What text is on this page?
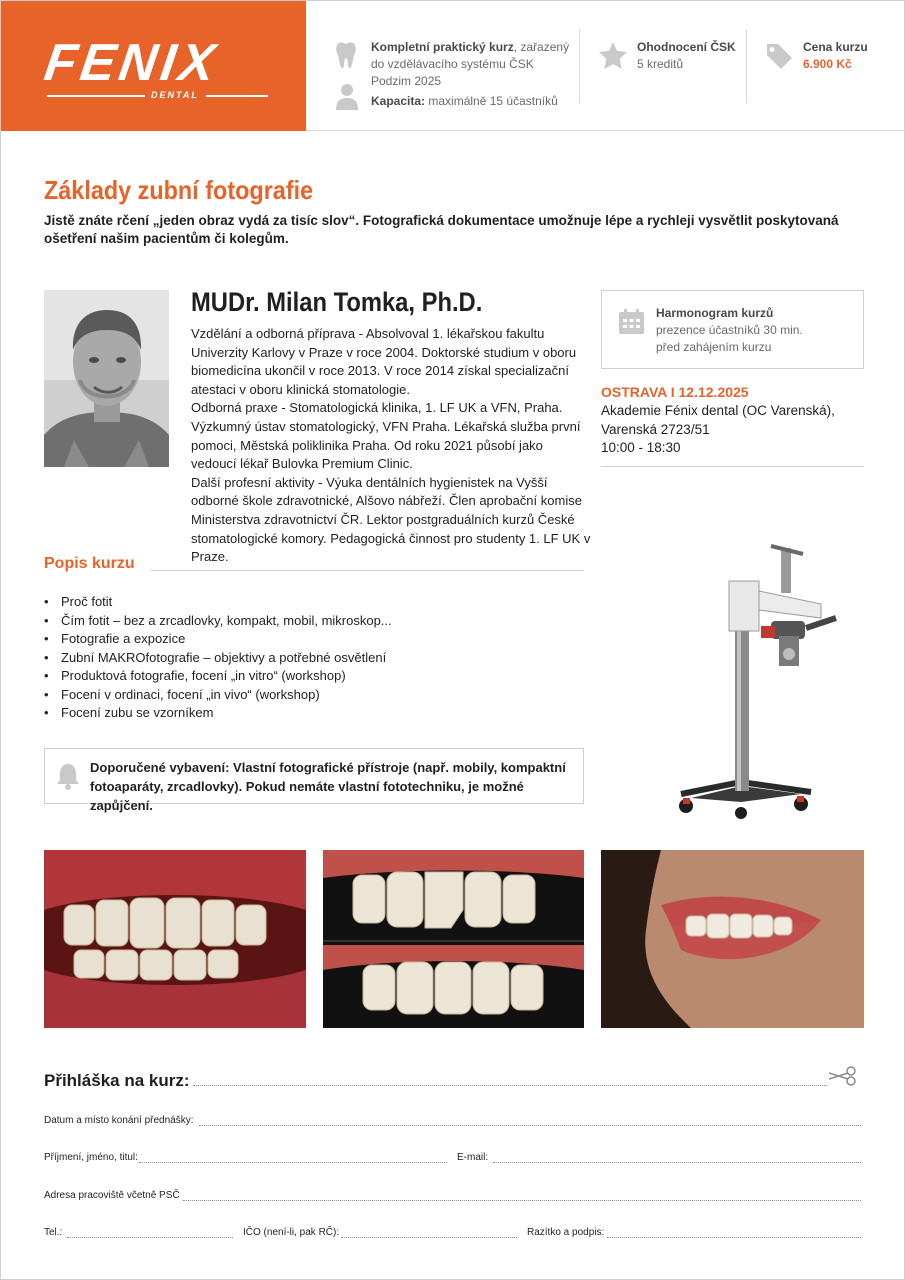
FENIX
DENTAL
Kompletní praktický kurz, zařazený
do vzdělávacího systému ČSK
Podzim 2025
Kapacita: maximálně 15 účastníků
Ohodnocení ČSK
5 kreditů
Cena kurzu
6.900 Kč
Základy zubní fotografie
Jistě znáte rčení „jeden obraz vydá za tisíc slov“. Fotografická dokumentace umožnuje lépe a rychleji vysvětlit poskytovaná ošetření našim pacientům či kolegům.
MUDr. Milan Tomka, Ph.D.

Vzdělání a odborná příprava - Absolvoval 1. lékařskou fakultu Univerzity Karlovy v Praze v roce 2004. Doktorské studium v oboru biomedicína ukončil v roce 2013. V roce 2014 získal specializační atestaci v oboru klinická stomatologie.

Odborná praxe - Stomatologická klinika, 1. LF UK a VFN, Praha. Výzkumný ústav stomatologický, VFN Praha. Lékařská služba první pomoci, Městská poliklinika Praha. Od roku 2021 působí jako vedoucí lékař Bulovka Premium Clinic.

Další profesní aktivity - Výuka dentálních hygienistek na Vyšší odborné škole zdravotnické, Alšovo nábřeží. Člen aprobační komise Ministerstva zdravotnictví ČR. Lektor postgraduálních kurzů České stomatologické komory. Pedagogická činnost pro studenty 1. LF UK v Praze.

Harmonogram kurzů
prezence účastníků 30 min.
před zahájením kurzu
OSTRAVA I 12.12.2025
Akademie Fénix dental (OC Varenská),
Varenská 2723/51
10:00 - 18:30
Popis kurzu
• Proč fotit
• Čím fotit – bez a zrcadlovky, kompakt, mobil, mikroskop...
• Fotografie a expozice
• Zubní MAKROfotografie – objektivy a potřebné osvětlení
• Produktová fotografie, focení „in vitro“ (workshop)
• Focení v ordinaci, focení „in vivo“ (workshop)
• Focení zubu se vzorníkem
Doporučené vybavení: Vlastní fotografické přístroje (např. mobily, kompaktní fotoaparáty, zrcadlovky). Pokud nemáte vlastní fototechniku, je možné zapůjčení.
Přihláška na kurz:
Datum a místo konání přednášky:
Příjmení, jméno, titul:	E-mail:
Adresa pracoviště včetně PSČ
Tel.:	IČO (není-li, pak RČ):	Razítko a podpis:
